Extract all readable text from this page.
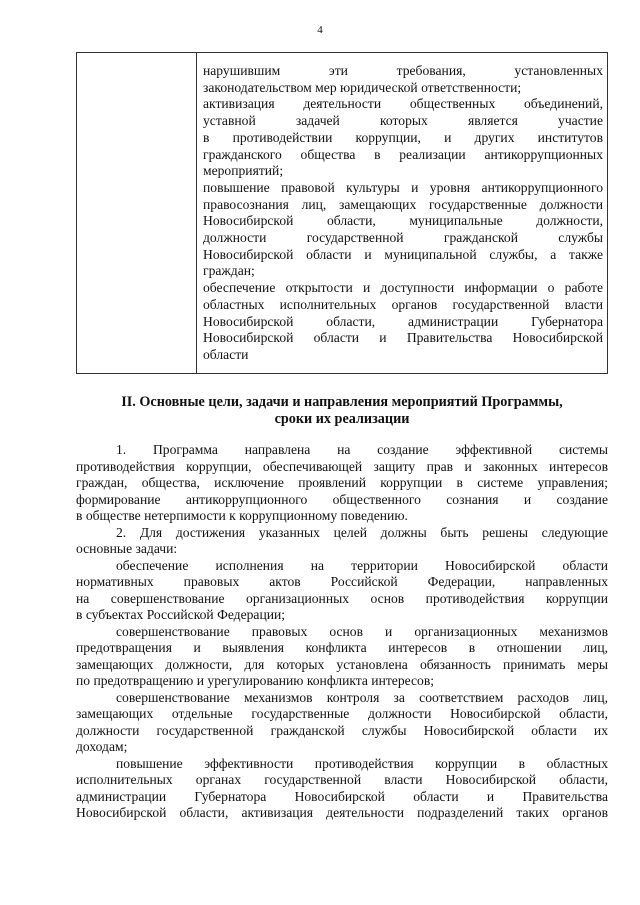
4
нарушившим эти требования, установленных
законодательством мер юридической ответственности;
активизация деятельности общественных объединений,
уставной задачей которых является участие
в противодействии коррупции, и других институтов
гражданского общества в реализации антикоррупционных
мероприятий;
повышение правовой культуры и уровня антикоррупционного
правосознания лиц, замещающих государственные должности
Новосибирской области, муниципальные должности,
должности государственной гражданской службы
Новосибирской области и муниципальной службы, а также
граждан;
обеспечение открытости и доступности информации о работе
областных исполнительных органов государственной власти
Новосибирской области, администрации Губернатора
Новосибирской области и Правительства Новосибирской
области
II. Основные цели, задачи и направления мероприятий Программы,
сроки их реализации
1. Программа направлена на создание эффективной системы
противодействия коррупции, обеспечивающей защиту прав и законных интересов
граждан, общества, исключение проявлений коррупции в системе управления;
формирование антикоррупционного общественного сознания и создание
в обществе нетерпимости к коррупционному поведению.
2. Для достижения указанных целей должны быть решены следующие
основные задачи:
обеспечение исполнения на территории Новосибирской области
нормативных правовых актов Российской Федерации, направленных
на совершенствование организационных основ противодействия коррупции
в субъектах Российской Федерации;
совершенствование правовых основ и организационных механизмов
предотвращения и выявления конфликта интересов в отношении лиц,
замещающих должности, для которых установлена обязанность принимать меры
по предотвращению и урегулированию конфликта интересов;
совершенствование механизмов контроля за соответствием расходов лиц,
замещающих отдельные государственные должности Новосибирской области,
должности государственной гражданской службы Новосибирской области их
доходам;
повышение эффективности противодействия коррупции в областных
исполнительных органах государственной власти Новосибирской области,
администрации Губернатора Новосибирской области и Правительства
Новосибирской области, активизация деятельности подразделений таких органов
